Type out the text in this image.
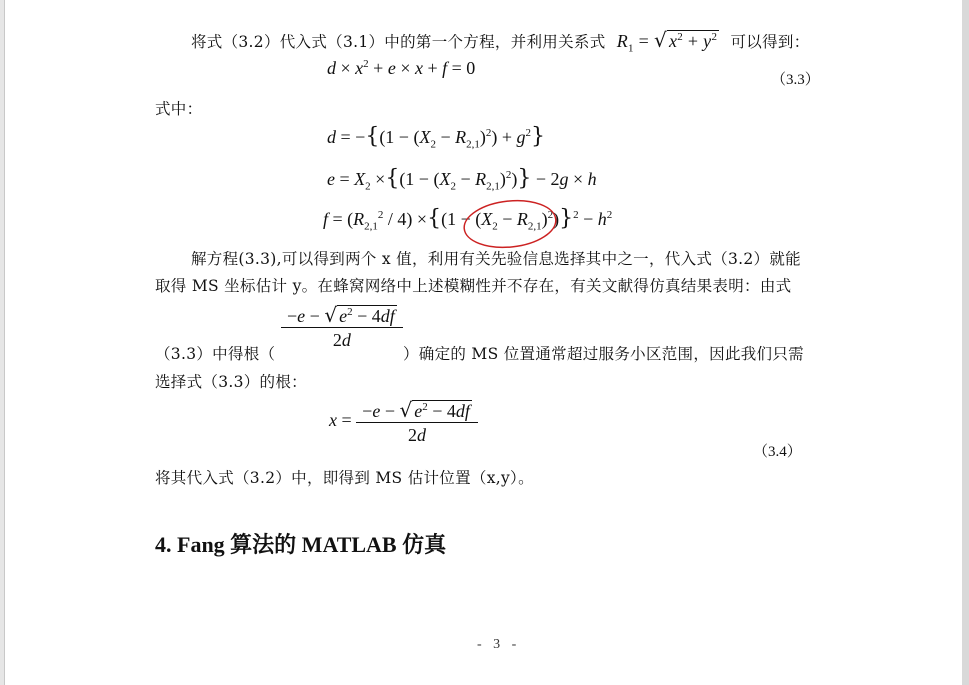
将式（3.2）代入式（3.1）中的第一个方程，并利用关系式 $R_1$ = √ $x^2 + y^2$ 可以得到：
$d \times x^2 + e \times x + f = 0$
（3.3）
式中：
$d = -\{(1 - (X_2 - R_{2,1})^2) + g^2\}$
$e = X_2 \times\{(1 - (X_2 - R_{2,1})^2)\} - 2g \times h$
$f = (R_{2,1}^2 / 4) \times\{(1 - (X_2 - R_{2,1})^2)\}^2 - h^2$
解方程(3.3),可以得到两个 x 值，利用有关先验信息选择其中之一，代入式（3.2）就能
取得 MS 坐标估计 y。在蜂窝网络中上述模糊性并不存在，有关文献得仿真结果表明：由式
$\frac{-e - √ e^2 - 4df}{2d}$
（3.3）中得根（	）确定的 MS 位置通常超过服务小区范围，因此我们只需
选择式（3.3）的根：
$x = \frac{-e - √ e^2 - 4df}{2d}$
（3.4）
将其代入式（3.2）中，即得到 MS 估计位置（x,y）。
4. Fang 算法的 MATLAB 仿真
- 3 -
